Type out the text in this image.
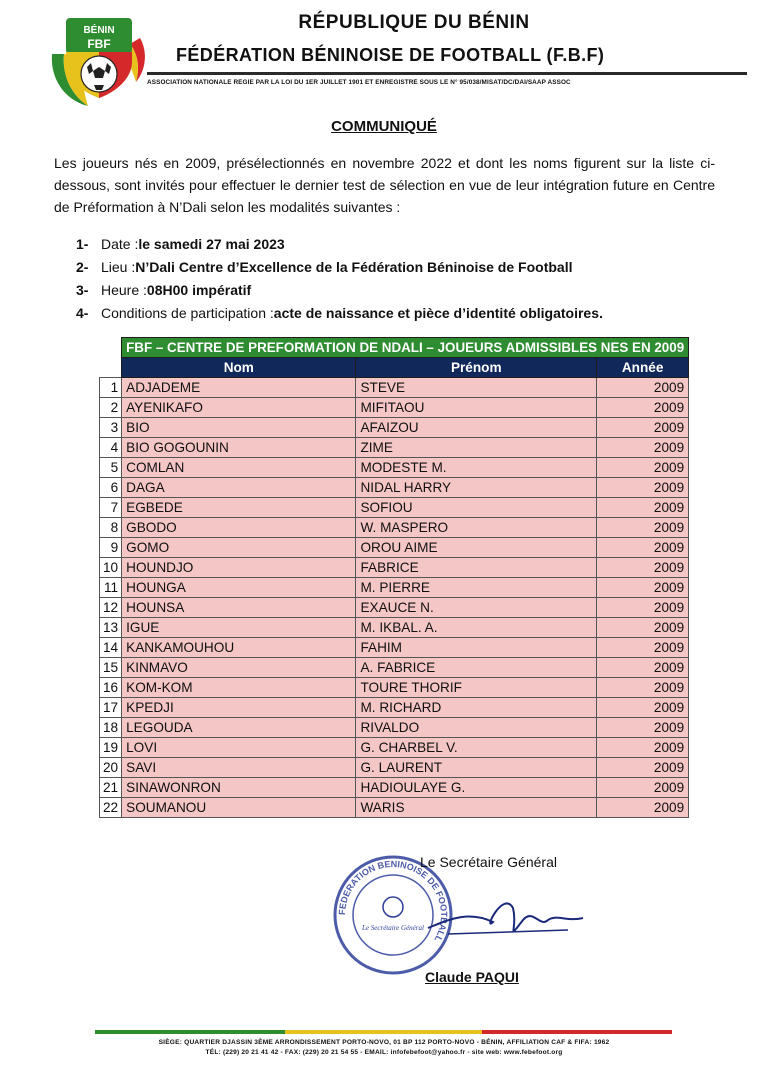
BÉNIN
FBF
RÉPUBLIQUE DU BÉNIN
FÉDÉRATION BÉNINOISE DE FOOTBALL (F.B.F)
ASSOCIATION NATIONALE RÉGIE PAR LA LOI DU 1ER JUILLET 1901 ET ENREGISTRÉ SOUS LE N° 95/038/MISAT/DC/DAI/SAAP ASSOC
COMMUNIQUÉ

Les joueurs nés en 2009, présélectionnés en novembre 2022 et dont les noms figurent sur la liste ci-dessous, sont invités pour effectuer le dernier test de sélection en vue de leur intégration future en Centre de Préformation à N’Dali selon les modalités suivantes :

1- Date : le samedi 27 mai 2023
2- Lieu : N’Dali Centre d’Excellence de la Fédération Béninoise de Football
3- Heure : 08H00 impératif
4- Conditions de participation : acte de naissance et pièce d’identité obligatoires.
	FBF – CENTRE DE PREFORMATION DE NDALI – JOUEURS ADMISSIBLES NES EN 2009		
	Nom	Prénom	Année
1	ADJADEME	STEVE	2009
2	AYENIKAFO	MIFITAOU	2009
3	BIO	AFAIZOU	2009
4	BIO GOGOUNIN	ZIME	2009
5	COMLAN	MODESTE M.	2009
6	DAGA	NIDAL HARRY	2009
7	EGBEDE	SOFIOU	2009
8	GBODO	W. MASPERO	2009
9	GOMO	OROU AIME	2009
10	HOUNDJO	FABRICE	2009
11	HOUNGA	M. PIERRE	2009
12	HOUNSA	EXAUCE N.	2009
13	IGUE	M. IKBAL. A.	2009
14	KANKAMOUHOU	FAHIM	2009
15	KINMAVO	A. FABRICE	2009
16	KOM-KOM	TOURE THORIF	2009
17	KPEDJI	M. RICHARD	2009
18	LEGOUDA	RIVALDO	2009
19	LOVI	G. CHARBEL V.	2009
20	SAVI	G. LAURENT	2009
21	SINAWONRON	HADIOULAYE G.	2009
22	SOUMANOU	WARIS	2009
FEDERATION BENINOISE DE FOOTBALL
Le Secrétaire Général
Le Secrétaire Général
Claude PAQUI
SIÈGE: QUARTIER DJASSIN 3ÈME ARRONDISSEMENT PORTO-NOVO, 01 BP 112 PORTO-NOVO - BÉNIN, AFFILIATION CAF & FIFA: 1962
TÉL: (229) 20 21 41 42 - FAX: (229) 20 21 54 55 - EMAIL: infofebefoot@yahoo.fr - site web: www.febefoot.org
